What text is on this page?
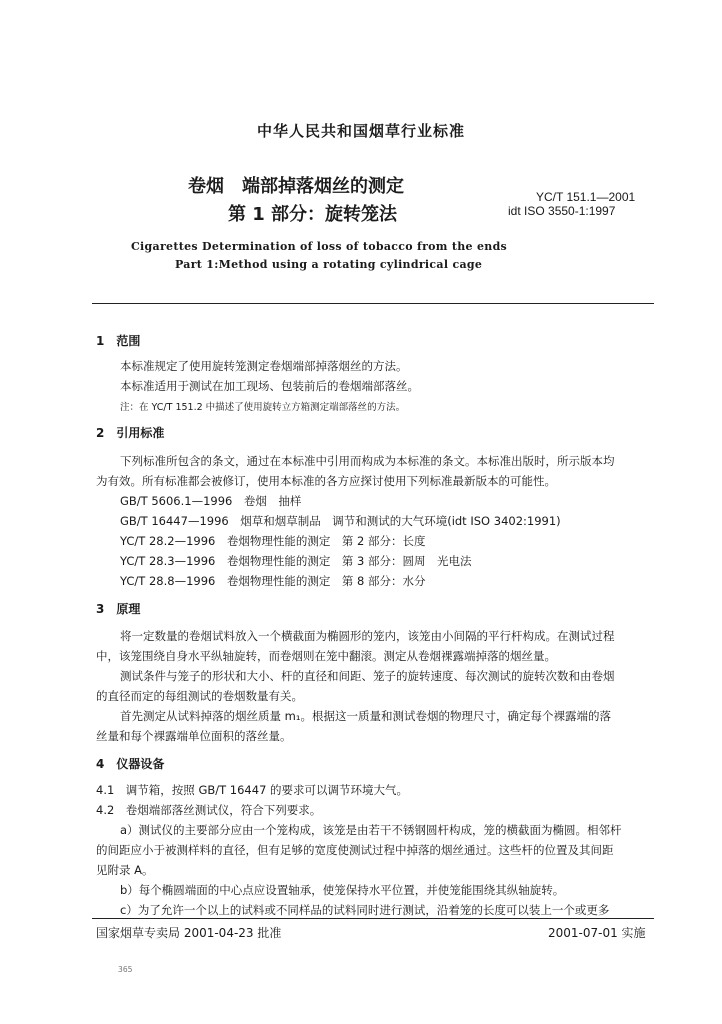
中华人民共和国烟草行业标准
卷烟　端部掉落烟丝的测定
第 1 部分：旋转笼法
YC/T 151.1—2001
idt ISO 3550-1:1997
Cigarettes Determination of loss of tobacco from the ends
Part 1:Method using a rotating cylindrical cage
1　范围
本标准规定了使用旋转笼测定卷烟端部掉落烟丝的方法。
本标准适用于测试在加工现场、包装前后的卷烟端部落丝。
注：在 YC/T 151.2 中描述了使用旋转立方箱测定端部落丝的方法。
2　引用标准
下列标准所包含的条文，通过在本标准中引用而构成为本标准的条文。本标准出版时，所示版本均
为有效。所有标准都会被修订，使用本标准的各方应探讨使用下列标准最新版本的可能性。
GB/T 5606.1—1996　卷烟　抽样
GB/T 16447—1996　烟草和烟草制品　调节和测试的大气环境(idt ISO 3402:1991)
YC/T 28.2—1996　卷烟物理性能的测定　第 2 部分：长度
YC/T 28.3—1996　卷烟物理性能的测定　第 3 部分：圆周　光电法
YC/T 28.8—1996　卷烟物理性能的测定　第 8 部分：水分
3　原理
将一定数量的卷烟试料放入一个横截面为椭圆形的笼内，该笼由小间隔的平行杆构成。在测试过程
中，该笼围绕自身水平纵轴旋转，而卷烟则在笼中翻滚。测定从卷烟裸露端掉落的烟丝量。
测试条件与笼子的形状和大小、杆的直径和间距、笼子的旋转速度、每次测试的旋转次数和由卷烟
的直径而定的每组测试的卷烟数量有关。
首先测定从试料掉落的烟丝质量 m₁。根据这一质量和测试卷烟的物理尺寸，确定每个裸露端的落
丝量和每个裸露端单位面积的落丝量。
4　仪器设备
4.1　调节箱，按照 GB/T 16447 的要求可以调节环境大气。
4.2　卷烟端部落丝测试仪，符合下列要求。
a）测试仪的主要部分应由一个笼构成，该笼是由若干不锈钢圆杆构成，笼的横截面为椭圆。相邻杆
的间距应小于被测样料的直径，但有足够的宽度使测试过程中掉落的烟丝通过。这些杆的位置及其间距
见附录 A。
b）每个椭圆端面的中心点应设置轴承，使笼保持水平位置，并使笼能围绕其纵轴旋转。
c）为了允许一个以上的试料或不同样品的试料同时进行测试，沿着笼的长度可以装上一个或更多
国家烟草专卖局 2001-04-23 批准	2001-07-01 实施
365
